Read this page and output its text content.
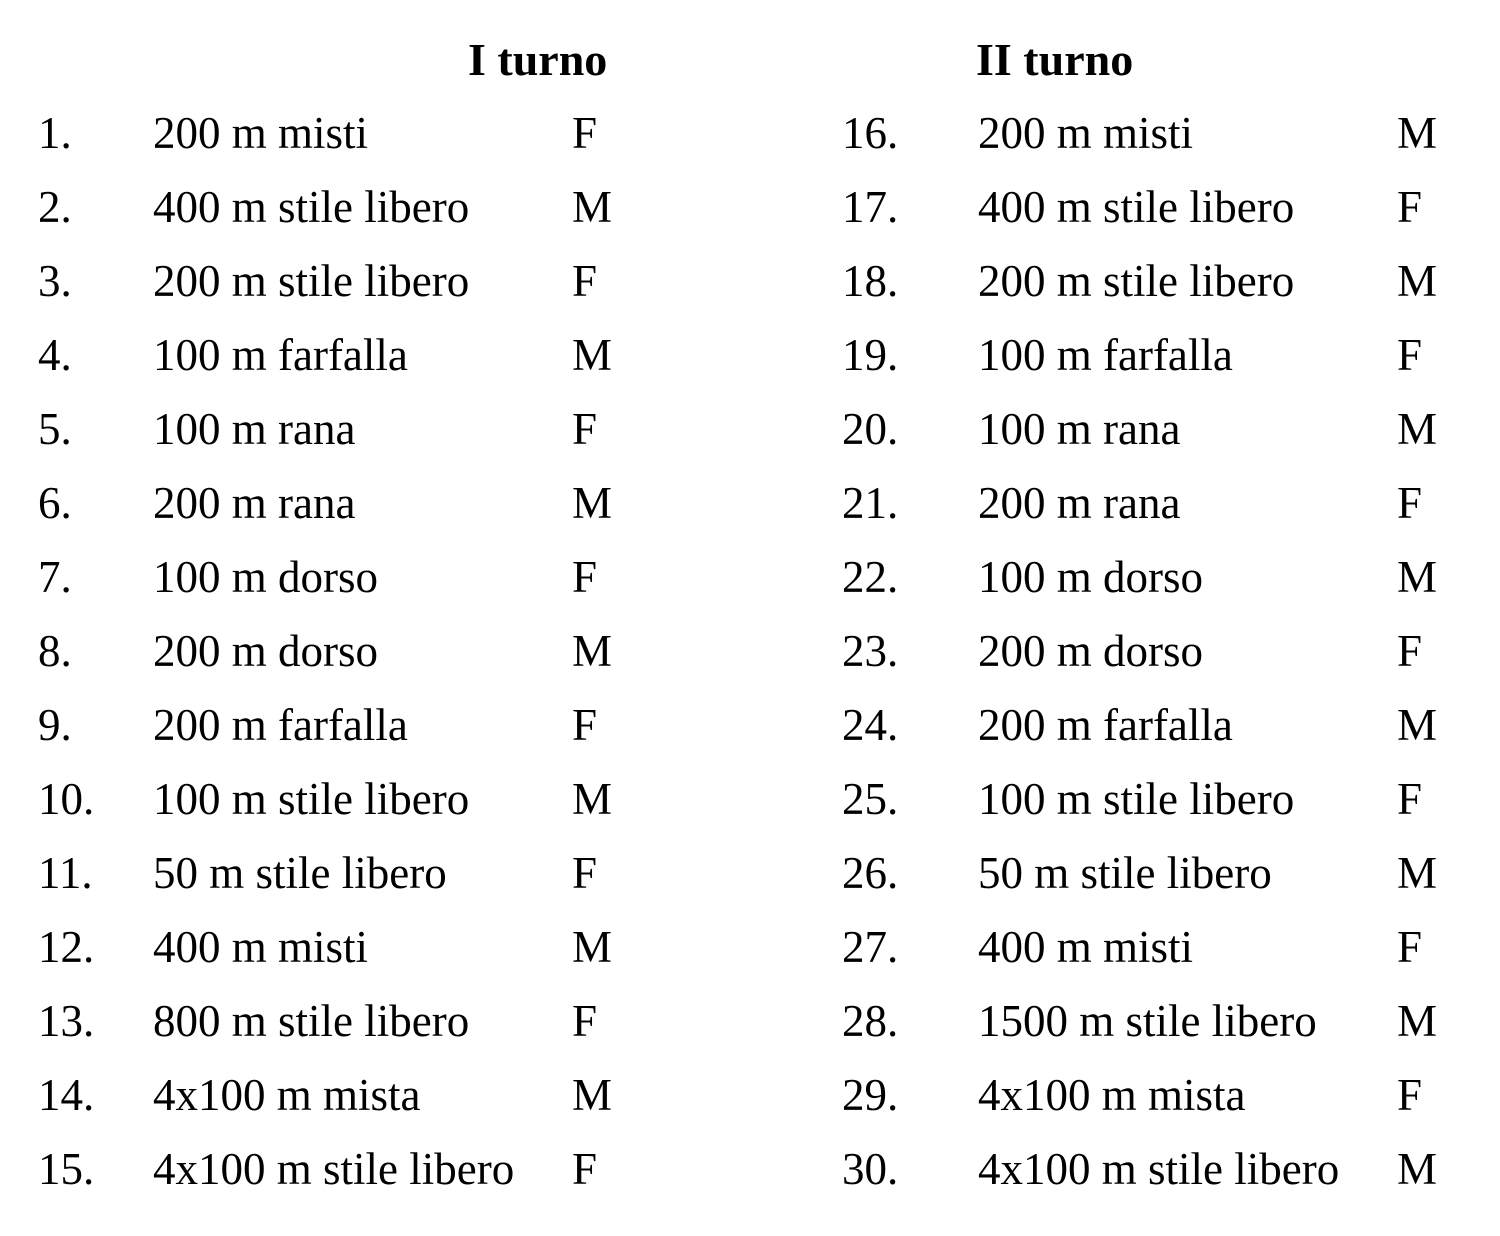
I turno
1. 200 m misti	F
2. 400 m stile libero M
3. 200 m stile libero F
4. 100 m farfalla	M
5. 100 m rana	F
6. 200 m rana	M
7. 100 m dorso	F
8. 200 m dorso	M
9. 200 m farfalla	F
10. 100 m stile libero M
11. 50 m stile libero	F
12. 400 m misti	M
13. 800 m stile libero F
14. 4x100 m mista	M
15. 4x100 m stile libero F
II turno
16. 200 m misti	M
17. 400 m stile libero F
18. 200 m stile libero M
19. 100 m farfalla	F
20. 100 m rana	M
21. 200 m rana	F
22. 100 m dorso	M
23. 200 m dorso	F
24. 200 m farfalla	M
25. 100 m stile libero F
26. 50 m stile libero	M
27. 400 m misti	F
28. 1500 m stile libero M
29. 4x100 m mista	F
30. 4x100 m stile libero M
